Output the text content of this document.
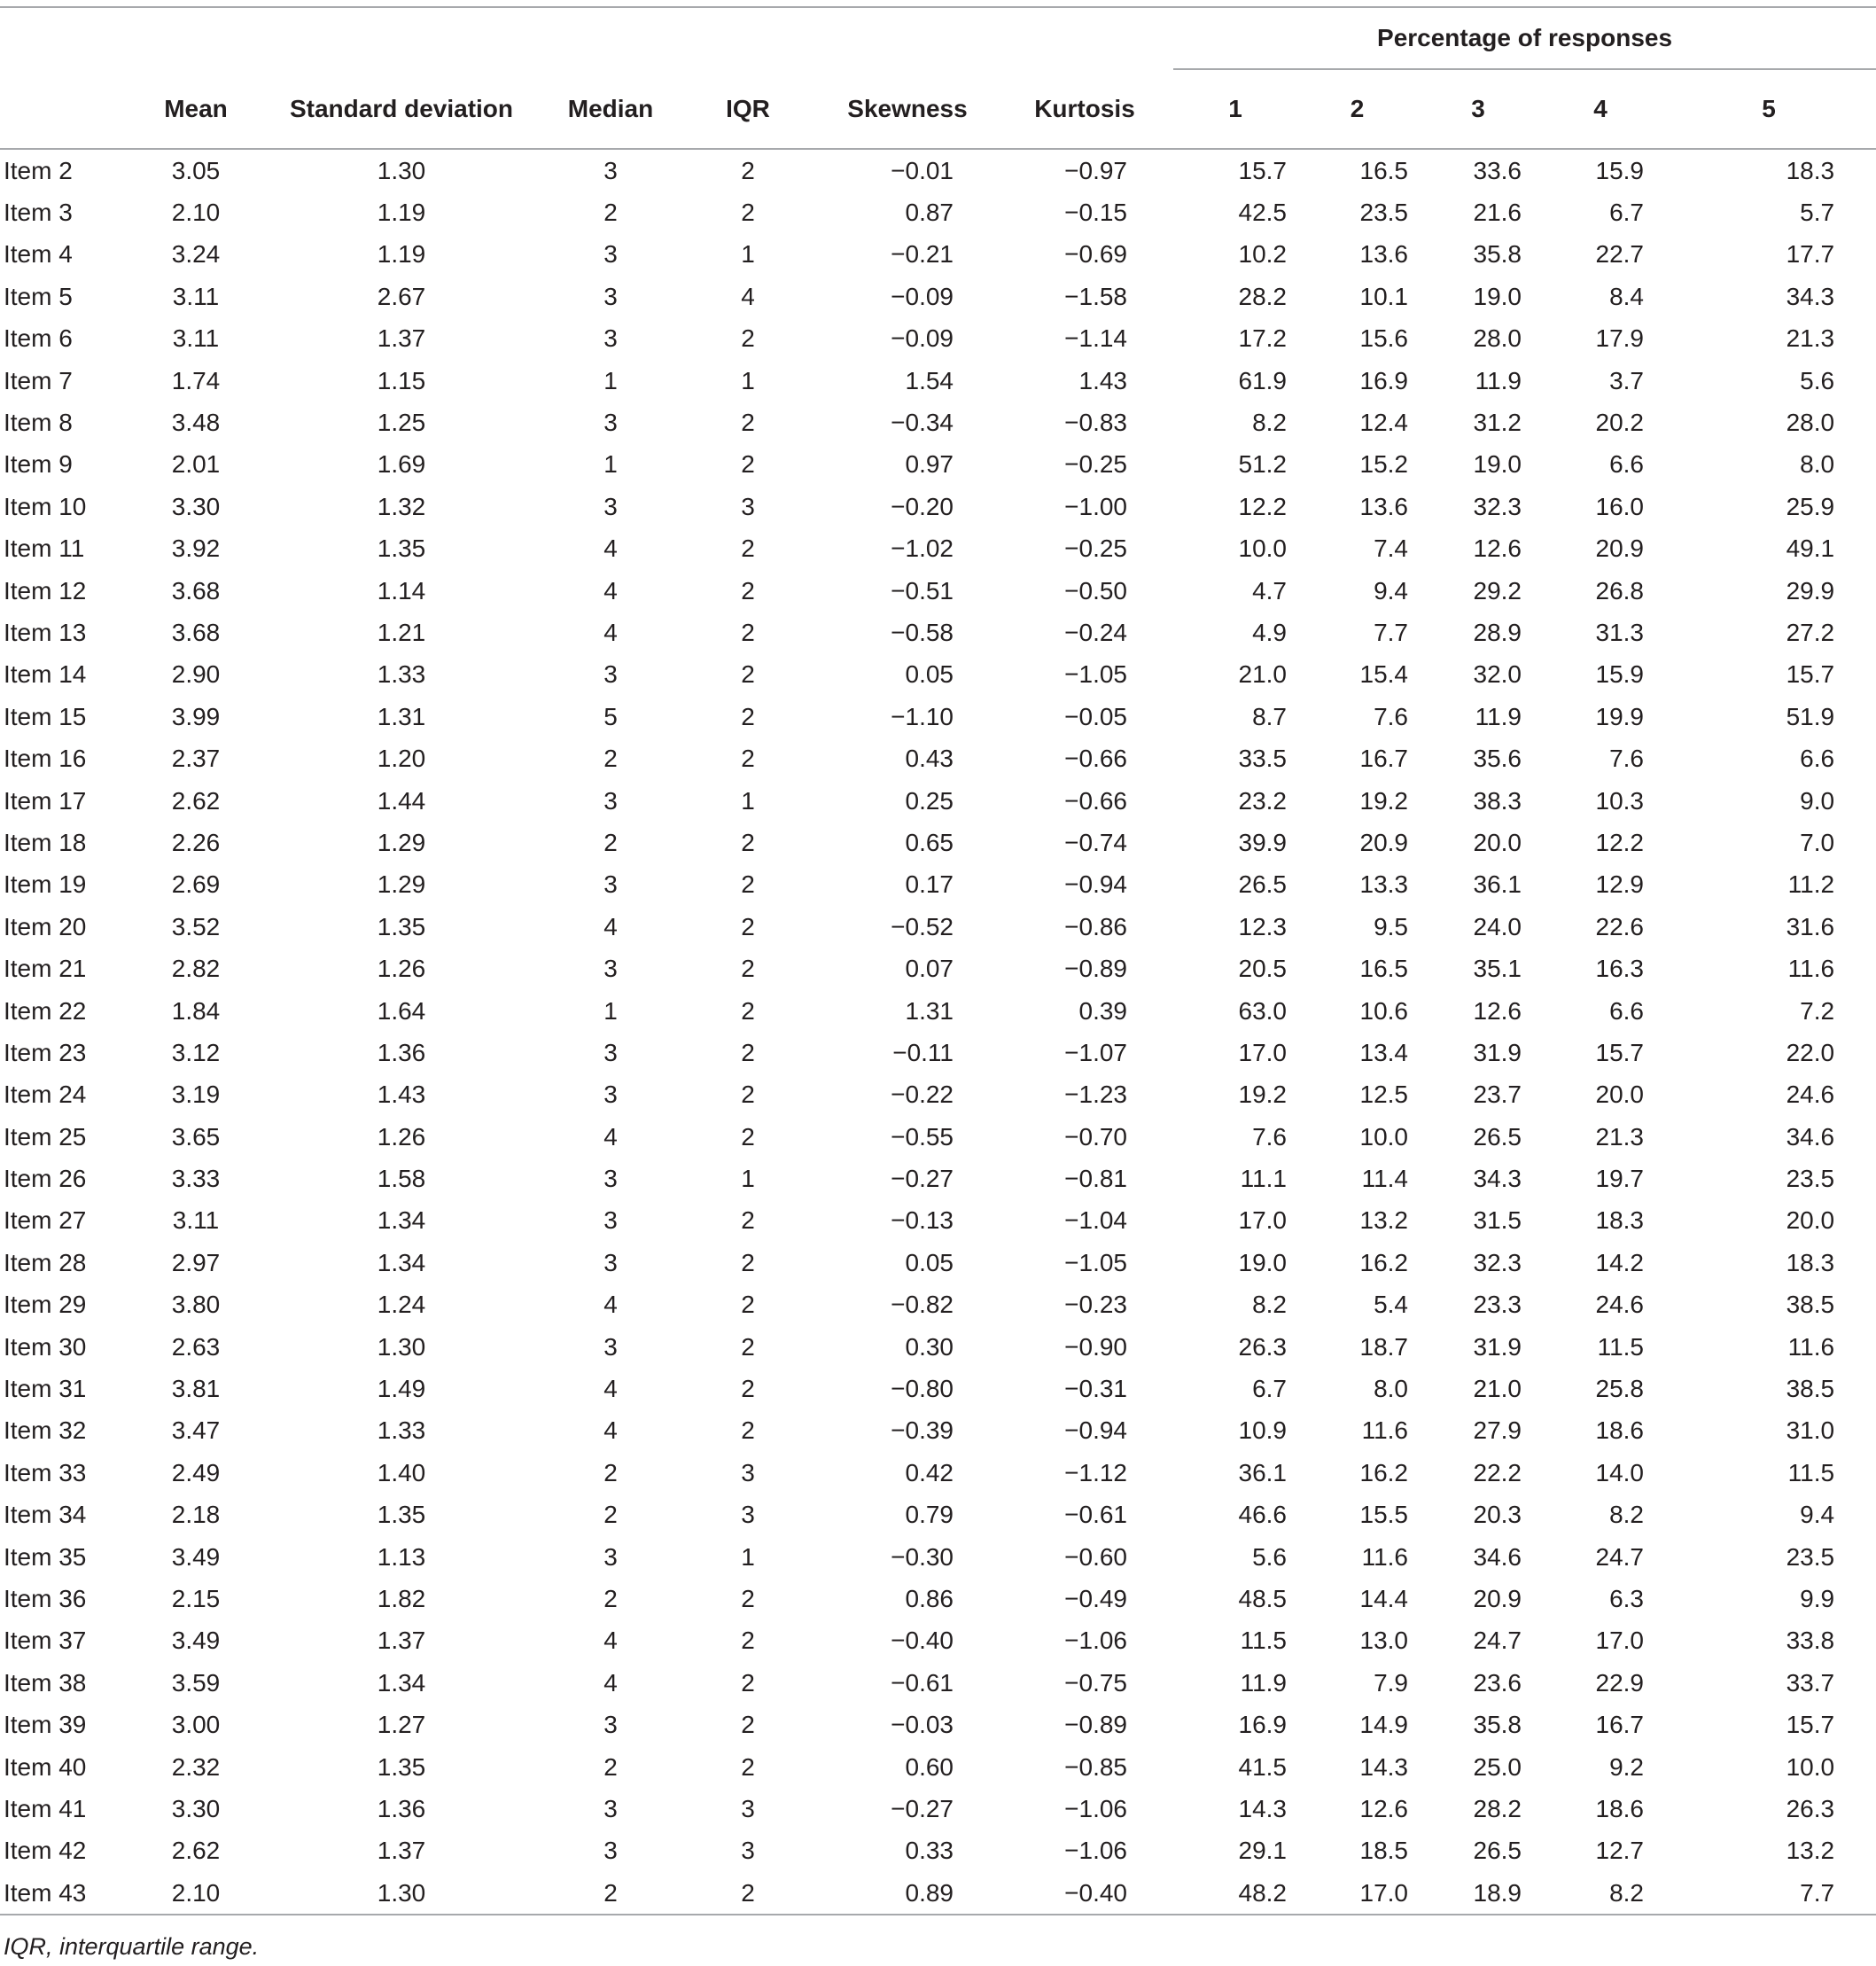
							Percentage of responses				
	Mean	Standard deviation	Median	IQR	Skewness	Kurtosis	1	2	3	4	5
Item 2	3.05	1.30	3	2	−0.01	−0.97	15.7	16.5	33.6	15.9	18.3
Item 3	2.10	1.19	2	2	0.87	−0.15	42.5	23.5	21.6	6.7	5.7
Item 4	3.24	1.19	3	1	−0.21	−0.69	10.2	13.6	35.8	22.7	17.7
Item 5	3.11	2.67	3	4	−0.09	−1.58	28.2	10.1	19.0	8.4	34.3
Item 6	3.11	1.37	3	2	−0.09	−1.14	17.2	15.6	28.0	17.9	21.3
Item 7	1.74	1.15	1	1	1.54	1.43	61.9	16.9	11.9	3.7	5.6
Item 8	3.48	1.25	3	2	−0.34	−0.83	8.2	12.4	31.2	20.2	28.0
Item 9	2.01	1.69	1	2	0.97	−0.25	51.2	15.2	19.0	6.6	8.0
Item 10	3.30	1.32	3	3	−0.20	−1.00	12.2	13.6	32.3	16.0	25.9
Item 11	3.92	1.35	4	2	−1.02	−0.25	10.0	7.4	12.6	20.9	49.1
Item 12	3.68	1.14	4	2	−0.51	−0.50	4.7	9.4	29.2	26.8	29.9
Item 13	3.68	1.21	4	2	−0.58	−0.24	4.9	7.7	28.9	31.3	27.2
Item 14	2.90	1.33	3	2	0.05	−1.05	21.0	15.4	32.0	15.9	15.7
Item 15	3.99	1.31	5	2	−1.10	−0.05	8.7	7.6	11.9	19.9	51.9
Item 16	2.37	1.20	2	2	0.43	−0.66	33.5	16.7	35.6	7.6	6.6
Item 17	2.62	1.44	3	1	0.25	−0.66	23.2	19.2	38.3	10.3	9.0
Item 18	2.26	1.29	2	2	0.65	−0.74	39.9	20.9	20.0	12.2	7.0
Item 19	2.69	1.29	3	2	0.17	−0.94	26.5	13.3	36.1	12.9	11.2
Item 20	3.52	1.35	4	2	−0.52	−0.86	12.3	9.5	24.0	22.6	31.6
Item 21	2.82	1.26	3	2	0.07	−0.89	20.5	16.5	35.1	16.3	11.6
Item 22	1.84	1.64	1	2	1.31	0.39	63.0	10.6	12.6	6.6	7.2
Item 23	3.12	1.36	3	2	−0.11	−1.07	17.0	13.4	31.9	15.7	22.0
Item 24	3.19	1.43	3	2	−0.22	−1.23	19.2	12.5	23.7	20.0	24.6
Item 25	3.65	1.26	4	2	−0.55	−0.70	7.6	10.0	26.5	21.3	34.6
Item 26	3.33	1.58	3	1	−0.27	−0.81	11.1	11.4	34.3	19.7	23.5
Item 27	3.11	1.34	3	2	−0.13	−1.04	17.0	13.2	31.5	18.3	20.0
Item 28	2.97	1.34	3	2	0.05	−1.05	19.0	16.2	32.3	14.2	18.3
Item 29	3.80	1.24	4	2	−0.82	−0.23	8.2	5.4	23.3	24.6	38.5
Item 30	2.63	1.30	3	2	0.30	−0.90	26.3	18.7	31.9	11.5	11.6
Item 31	3.81	1.49	4	2	−0.80	−0.31	6.7	8.0	21.0	25.8	38.5
Item 32	3.47	1.33	4	2	−0.39	−0.94	10.9	11.6	27.9	18.6	31.0
Item 33	2.49	1.40	2	3	0.42	−1.12	36.1	16.2	22.2	14.0	11.5
Item 34	2.18	1.35	2	3	0.79	−0.61	46.6	15.5	20.3	8.2	9.4
Item 35	3.49	1.13	3	1	−0.30	−0.60	5.6	11.6	34.6	24.7	23.5
Item 36	2.15	1.82	2	2	0.86	−0.49	48.5	14.4	20.9	6.3	9.9
Item 37	3.49	1.37	4	2	−0.40	−1.06	11.5	13.0	24.7	17.0	33.8
Item 38	3.59	1.34	4	2	−0.61	−0.75	11.9	7.9	23.6	22.9	33.7
Item 39	3.00	1.27	3	2	−0.03	−0.89	16.9	14.9	35.8	16.7	15.7
Item 40	2.32	1.35	2	2	0.60	−0.85	41.5	14.3	25.0	9.2	10.0
Item 41	3.30	1.36	3	3	−0.27	−1.06	14.3	12.6	28.2	18.6	26.3
Item 42	2.62	1.37	3	3	0.33	−1.06	29.1	18.5	26.5	12.7	13.2
Item 43	2.10	1.30	2	2	0.89	−0.40	48.2	17.0	18.9	8.2	7.7
IQR, interquartile range.
